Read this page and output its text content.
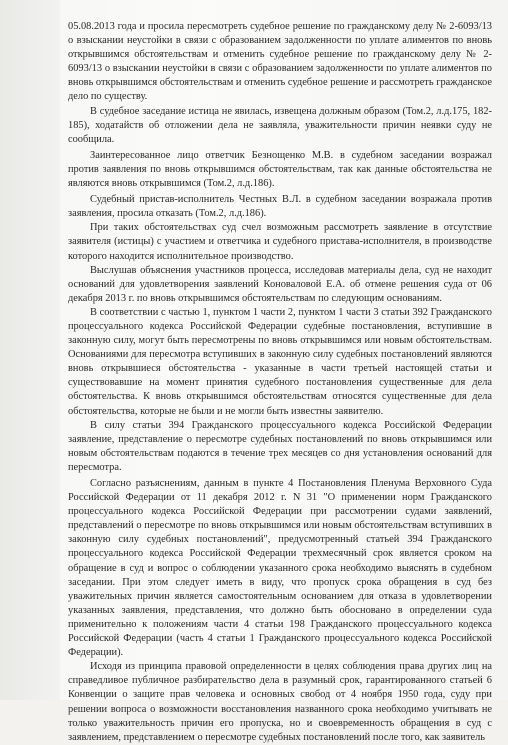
05.08.2013 года и просила пересмотреть судебное решение по гражданскому делу № 2-6093/13 о взыскании неустойки в связи с образованием задолженности по уплате алиментов по вновь открывшимся обстоятельствам и отменить судебное решение по гражданскому делу № 2-6093/13 о взыскании неустойки в связи с образованием задолженности по уплате алиментов по вновь открывшимся обстоятельствам и отменить судебное решение и рассмотреть гражданское дело по существу.

В судебное заседание истица не явилась, извещена должным образом (Том.2, л.д.175, 182-185), ходатайств об отложении дела не заявляла, уважительности причин неявки суду не сообщила.

Заинтересованное лицо ответчик Безнощенко М.В. в судебном заседании возражал против заявления по вновь открывшимся обстоятельствам, так как данные обстоятельства не являются вновь открывшимся (Том.2, л.д.186).

Судебный пристав-исполнитель Честных В.Л. в судебном заседании возражала против заявления, просила отказать (Том.2, л.д.186).

При таких обстоятельствах суд счел возможным рассмотреть заявление в отсутствие заявителя (истицы) с участием и ответчика и судебного пристава-исполнителя, в производстве которого находится исполнительное производство.

Выслушав объяснения участников процесса, исследовав материалы дела, суд не находит оснований для удовлетворения заявлений Коноваловой Е.А. об отмене решения суда от 06 декабря 2013 г. по вновь открывшимся обстоятельствам по следующим основаниям.

В соответствии с частью 1, пунктом 1 части 2, пунктом 1 части 3 статьи 392 Гражданского процессуального кодекса Российской Федерации судебные постановления, вступившие в законную силу, могут быть пересмотрены по вновь открывшимся или новым обстоятельствам. Основаниями для пересмотра вступивших в законную силу судебных постановлений являются вновь открывшиеся обстоятельства - указанные в части третьей настоящей статьи и существовавшие на момент принятия судебного постановления существенные для дела обстоятельства. К вновь открывшимся обстоятельствам относятся существенные для дела обстоятельства, которые не были и не могли быть известны заявителю.

В силу статьи 394 Гражданского процессуального кодекса Российской Федерации заявление, представление о пересмотре судебных постановлений по вновь открывшимся или новым обстоятельствам подаются в течение трех месяцев со дня установления оснований для пересмотра.

Согласно разъяснениям, данным в пункте 4 Постановления Пленума Верховного Суда Российской Федерации от 11 декабря 2012 г. N 31 "О применении норм Гражданского процессуального кодекса Российской Федерации при рассмотрении судами заявлений, представлений о пересмотре по вновь открывшимся или новым обстоятельствам вступивших в законную силу судебных постановлений", предусмотренный статьей 394 Гражданского процессуального кодекса Российской Федерации трехмесячный срок является сроком на обращение в суд и вопрос о соблюдении указанного срока необходимо выяснять в судебном заседании. При этом следует иметь в виду, что пропуск срока обращения в суд без уважительных причин является самостоятельным основанием для отказа в удовлетворении указанных заявления, представления, что должно быть обосновано в определении суда применительно к положениям части 4 статьи 198 Гражданского процессуального кодекса Российской Федерации (часть 4 статьи 1 Гражданского процессуального кодекса Российской Федерации).

Исходя из принципа правовой определенности в целях соблюдения права других лиц на справедливое публичное разбирательство дела в разумный срок, гарантированного статьей 6 Конвенции о защите прав человека и основных свобод от 4 ноября 1950 года, суду при решении вопроса о возможности восстановления названного срока необходимо учитывать не только уважительность причин его пропуска, но и своевременность обращения в суд с заявлением, представлением о пересмотре судебных постановлений после того, как заявитель
